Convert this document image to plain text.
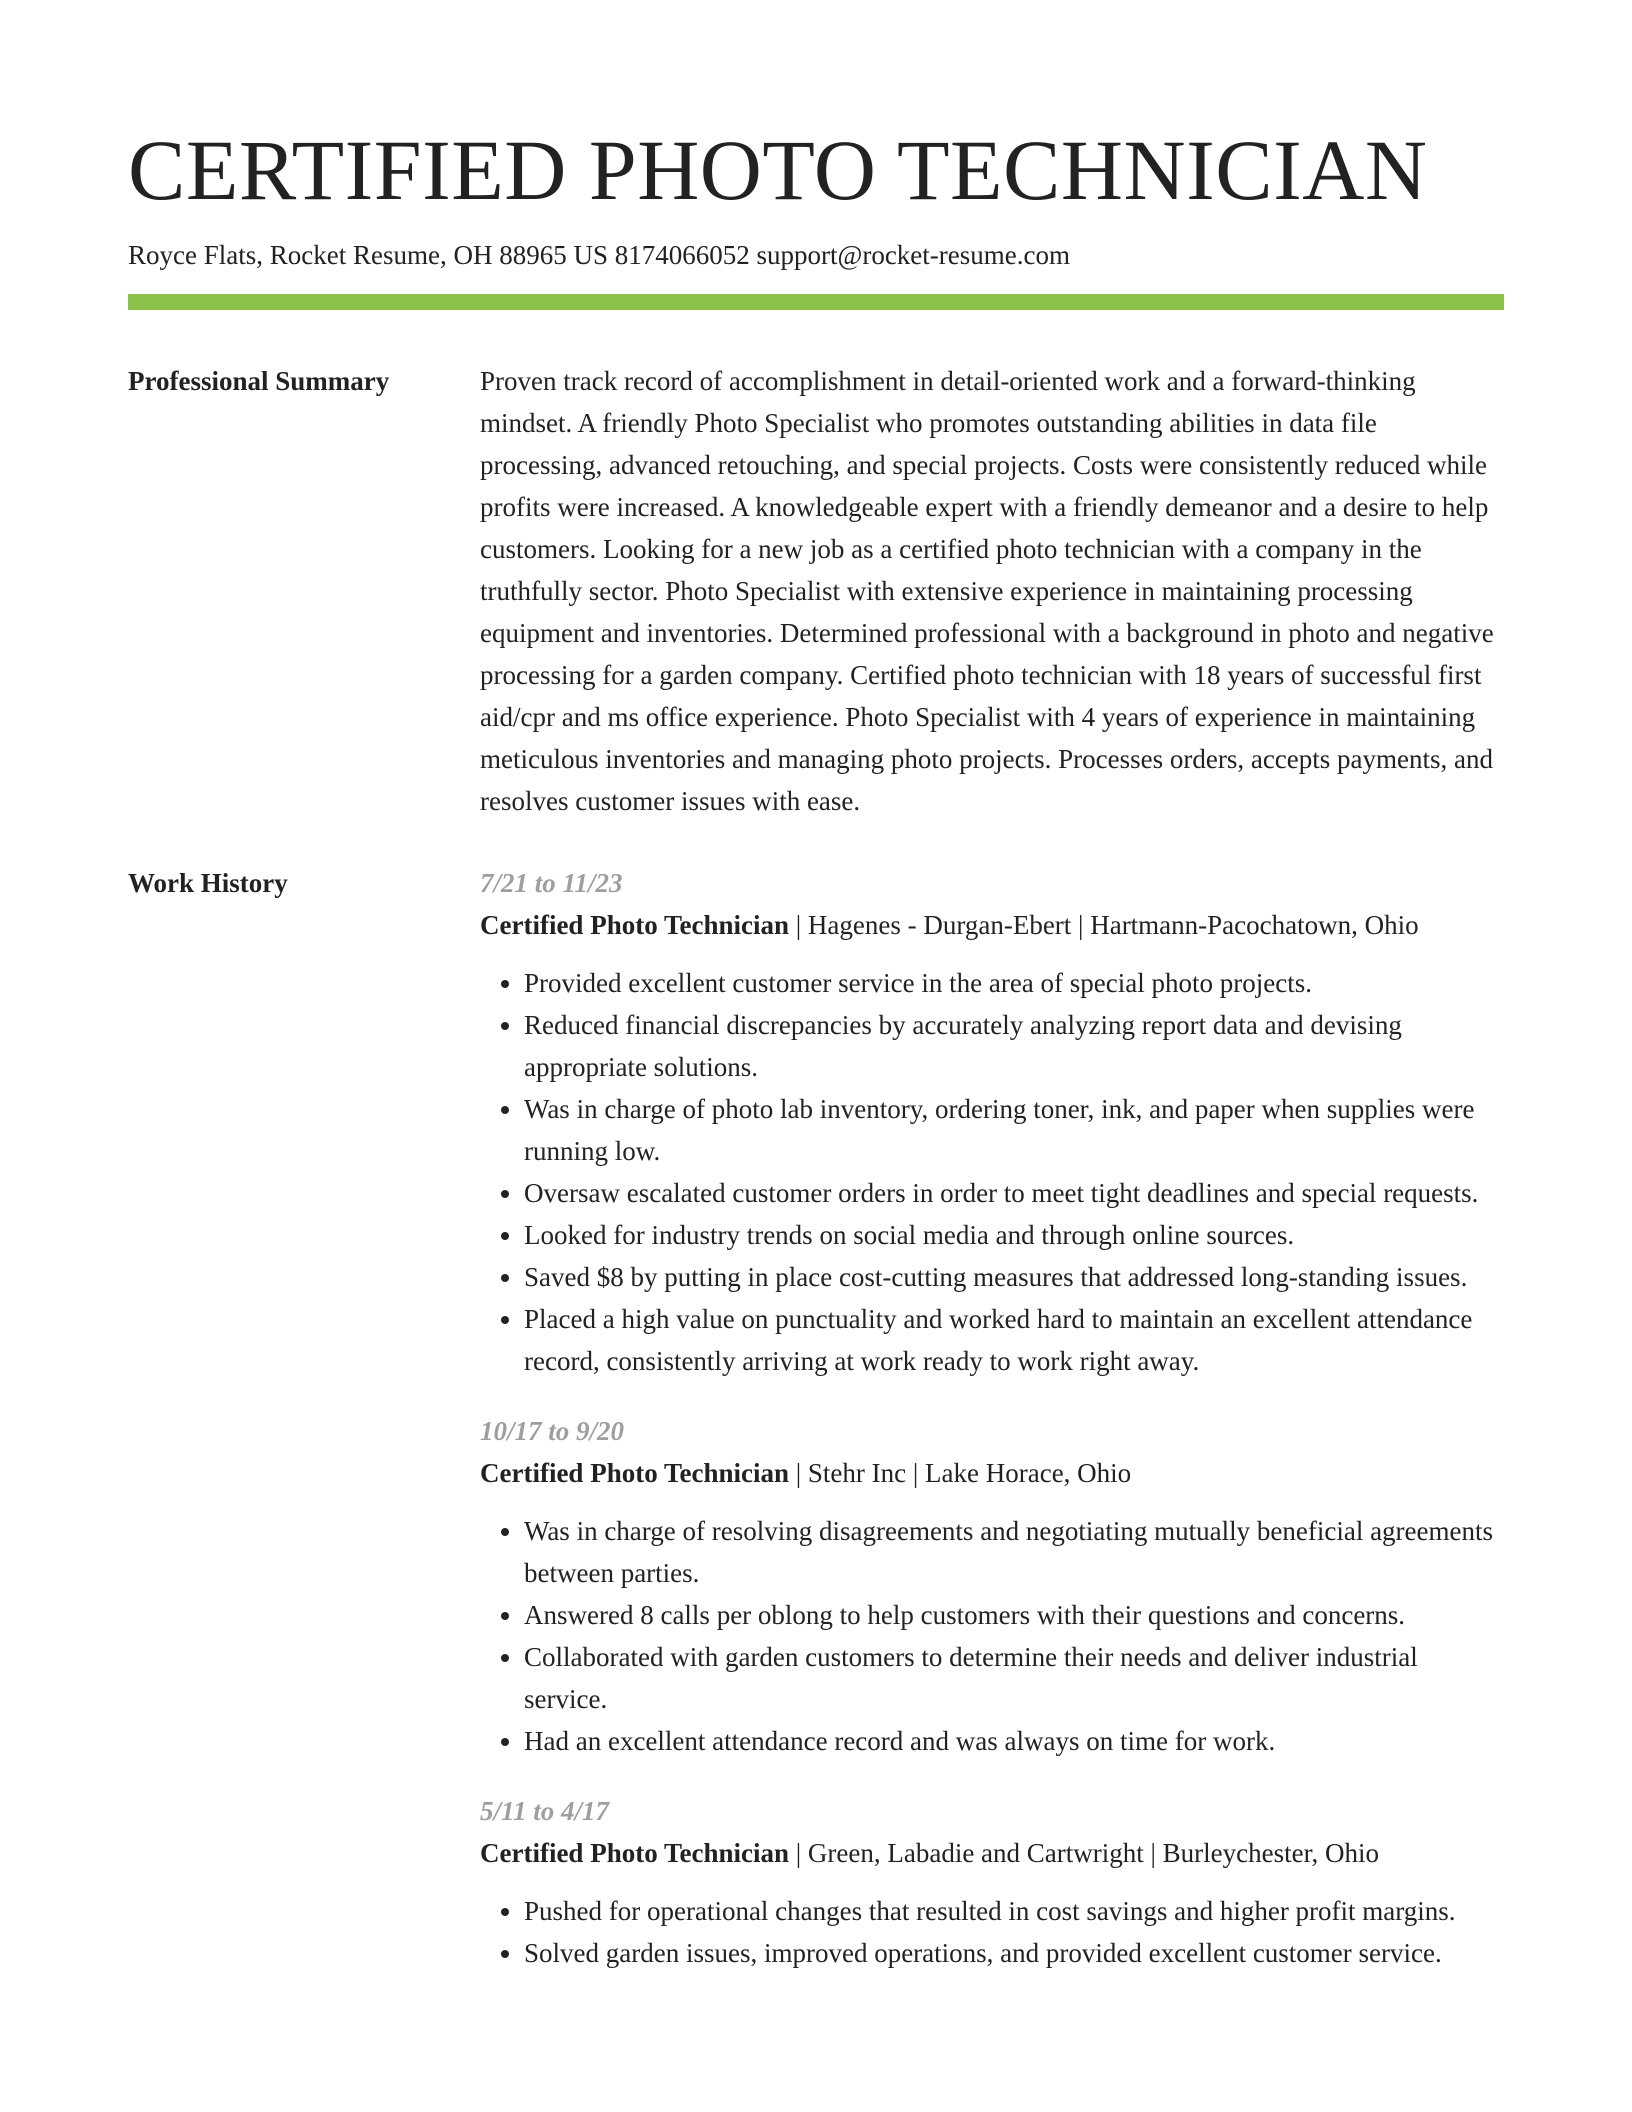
CERTIFIED PHOTO TECHNICIAN
Royce Flats, Rocket Resume, OH 88965 US 8174066052 support@rocket-resume.com
Professional Summary	Proven track record of accomplishment in detail-oriented work and a forward-thinking mindset. A friendly Photo Specialist who promotes outstanding abilities in data file processing, advanced retouching, and special projects. Costs were consistently reduced while profits were increased. A knowledgeable expert with a friendly demeanor and a desire to help customers. Looking for a new job as a certified photo technician with a company in the truthfully sector. Photo Specialist with extensive experience in maintaining processing equipment and inventories. Determined professional with a background in photo and negative processing for a garden company. Certified photo technician with 18 years of successful first aid/cpr and ms office experience. Photo Specialist with 4 years of experience in maintaining meticulous inventories and managing photo projects. Processes orders, accepts payments, and resolves customer issues with ease.

Work History	7/21 to 11/23
Certified Photo Technician | Hagenes - Durgan-Ebert | Hartmann-Pacochatown, Ohio
• Provided excellent customer service in the area of special photo projects.
• Reduced financial discrepancies by accurately analyzing report data and devising appropriate solutions.
• Was in charge of photo lab inventory, ordering toner, ink, and paper when supplies were running low.
• Oversaw escalated customer orders in order to meet tight deadlines and special requests.
• Looked for industry trends on social media and through online sources.
• Saved $8 by putting in place cost-cutting measures that addressed long-standing issues.
• Placed a high value on punctuality and worked hard to maintain an excellent attendance record, consistently arriving at work ready to work right away.
10/17 to 9/20
Certified Photo Technician | Stehr Inc | Lake Horace, Ohio
• Was in charge of resolving disagreements and negotiating mutually beneficial agreements between parties.
• Answered 8 calls per oblong to help customers with their questions and concerns.
• Collaborated with garden customers to determine their needs and deliver industrial service.
• Had an excellent attendance record and was always on time for work.
5/11 to 4/17
Certified Photo Technician | Green, Labadie and Cartwright | Burleychester, Ohio
• Pushed for operational changes that resulted in cost savings and higher profit margins.
• Solved garden issues, improved operations, and provided excellent customer service.
